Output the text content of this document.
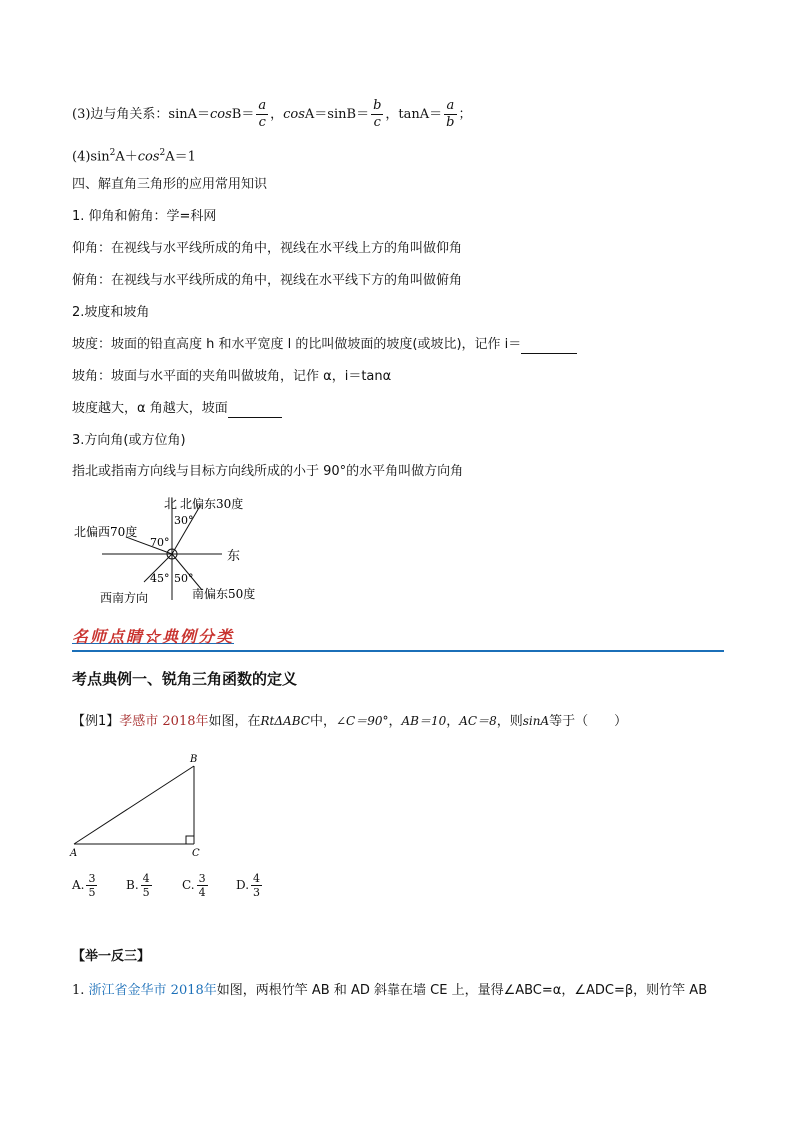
(3)边与角关系：$\sin A=\cos B= \frac{a}{c}$ ，$\cos A=\sin B= \frac{b}{c}$ ，$\tan A= \frac{a}{b}$ ；
$(4)\sin^2A+\cos^2A=1$
四、解直角三角形的应用常用知识
1. 仰角和俯角：学=科网
仰角：在视线与水平线所成的角中，视线在水平线上方的角叫做仰角
俯角：在视线与水平线所成的角中，视线在水平线下方的角叫做俯角
2.坡度和坡角
坡度：坡面的铅直高度 h 和水平宽度 l 的比叫做坡面的坡度(或坡比)，记作 i＝
坡角：坡面与水平面的夹角叫做坡角，记作 α，i＝tanα
坡度越大，α 角越大，坡面
3.方向角(或方位角)
指北或指南方向线与目标方向线所成的小于 90°的水平角叫做方向角
北 北偏东30度
30°
北偏西70度
70°
东
45° 50°
西南方向	南偏东50度
名师点睛☆典例分类
考点典例一、锐角三角函数的定义
【例1】孝感市 2018年如图，在RtΔABC中，∠C＝90°，AB＝10，AC＝8，则sinA等于（　　）
B
A	C
A. $\frac{3}{5} B$. $\frac{4}{5}$	C. $\frac{3}{4} D$. $\frac{4}{3}$
【举一反三】
1. 浙江省金华市 2018年如图，两根竹竿 AB 和 AD 斜靠在墙 CE 上，量得∠ABC=α，∠ADC=β，则竹竿 AB
